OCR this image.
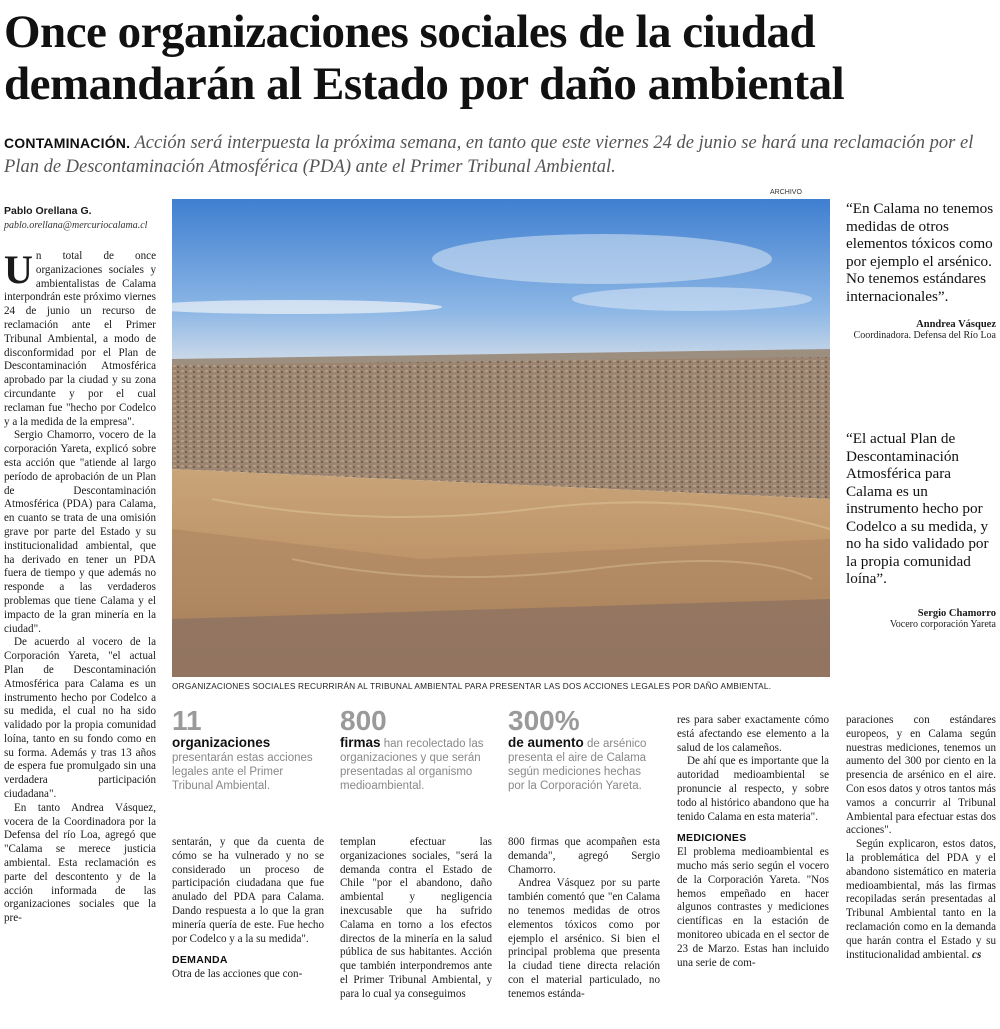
Once organizaciones sociales de la ciudad demandarán al Estado por daño ambiental

CONTAMINACIÓN. Acción será interpuesta la próxima semana, en tanto que este viernes 24 de junio se hará una reclamación por el Plan de Descontaminación Atmosférica (PDA) ante el Primer Tribunal Ambiental.

Pablo Orellana G.
pablo.orellana@mercuriocalama.cl

Un total de once organizaciones sociales y ambientalistas de Calama interpondrán este próximo viernes 24 de junio un recurso de reclamación ante el Primer Tribunal Ambiental, a modo de disconformidad por el Plan de Descontaminación Atmosférica aprobado par la ciudad y su zona circundante y por el cual reclaman fue "hecho por Codelco y a la medida de la empresa".

Sergio Chamorro, vocero de la corporación Yareta, explicó sobre esta acción que "atiende al largo período de aprobación de un Plan de Descontaminación Atmosférica (PDA) para Calama, en cuanto se trata de una omisión grave por parte del Estado y su institucionalidad ambiental, que ha derivado en tener un PDA fuera de tiempo y que además no responde a las verdaderos problemas que tiene Calama y el impacto de la gran minería en la ciudad".

De acuerdo al vocero de la Corporación Yareta, "el actual Plan de Descontaminación Atmosférica para Calama es un instrumento hecho por Codelco a su medida, el cual no ha sido validado por la propia comunidad loína, tanto en su fondo como en su forma. Además y tras 13 años de espera fue promulgado sin una verdadera participación ciudadana".

En tanto Andrea Vásquez, vocera de la Coordinadora por la Defensa del río Loa, agregó que "Calama se merece justicia ambiental. Esta reclamación es parte del descontento y de la acción informada de las organizaciones sociales que la pre-

ARCHIVO
ORGANIZACIONES SOCIALES RECURRIRÁN AL TRIBUNAL AMBIENTAL PARA PRESENTAR LAS DOS ACCIONES LEGALES POR DAÑO AMBIENTAL.

“En Calama no tenemos medidas de otros elementos tóxicos como por ejemplo el arsénico. No tenemos estándares internacionales”.

Anndrea Vásquez
Coordinadora. Defensa del Río Loa

“El actual Plan de Descontaminación Atmosférica para Calama es un instrumento hecho por Codelco a su medida, y no ha sido validado por la propia comunidad loína”.

Sergio Chamorro
Vocero corporación Yareta
11
organizaciones presentarán estas acciones legales ante el Primer Tribunal Ambiental.
800
firmas han recolectado las organizaciones y que serán presentadas al organismo medioambiental.
300%
de aumento de arsénico presenta el aire de Calama según mediciones hechas por la Corporación Yareta.

sentarán, y que da cuenta de cómo se ha vulnerado y no se considerado un proceso de participación ciudadana que fue anulado del PDA para Calama. Dando respuesta a lo que la gran minería quería de este. Fue hecho por Codelco y a la su medida".

DEMANDA

Otra de las acciones que con-

templan efectuar las organizaciones sociales, "será la demanda contra el Estado de Chile "por el abandono, daño ambiental y negligencia inexcusable que ha sufrido Calama en torno a los efectos directos de la minería en la salud pública de sus habitantes. Acción que también interpondremos ante el Primer Tribunal Ambiental, y para lo cual ya conseguimos

800 firmas que acompañen esta demanda", agregó Sergio Chamorro.

Andrea Vásquez por su parte también comentó que "en Calama no tenemos medidas de otros elementos tóxicos como por ejemplo el arsénico. Si bien el principal problema que presenta la ciudad tiene directa relación con el material particulado, no tenemos estánda-

res para saber exactamente cómo está afectando ese elemento a la salud de los calameños.

De ahí que es importante que la autoridad medioambiental se pronuncie al respecto, y sobre todo al histórico abandono que ha tenido Calama en esta materia".

MEDICIONES

El problema medioambiental es mucho más serio según el vocero de la Corporación Yareta. "Nos hemos empeñado en hacer algunos contrastes y mediciones científicas en la estación de monitoreo ubicada en el sector de 23 de Marzo. Estas han incluido una serie de com-

paraciones con estándares europeos, y en Calama según nuestras mediciones, tenemos un aumento del 300 por ciento en la presencia de arsénico en el aire. Con esos datos y otros tantos más vamos a concurrir al Tribunal Ambiental para efectuar estas dos acciones".

Según explicaron, estos datos, la problemática del PDA y el abandono sistemático en materia medioambiental, más las firmas recopiladas serán presentadas al Tribunal Ambiental tanto en la reclamación como en la demanda que harán contra el Estado y su institucionalidad ambiental. cs
